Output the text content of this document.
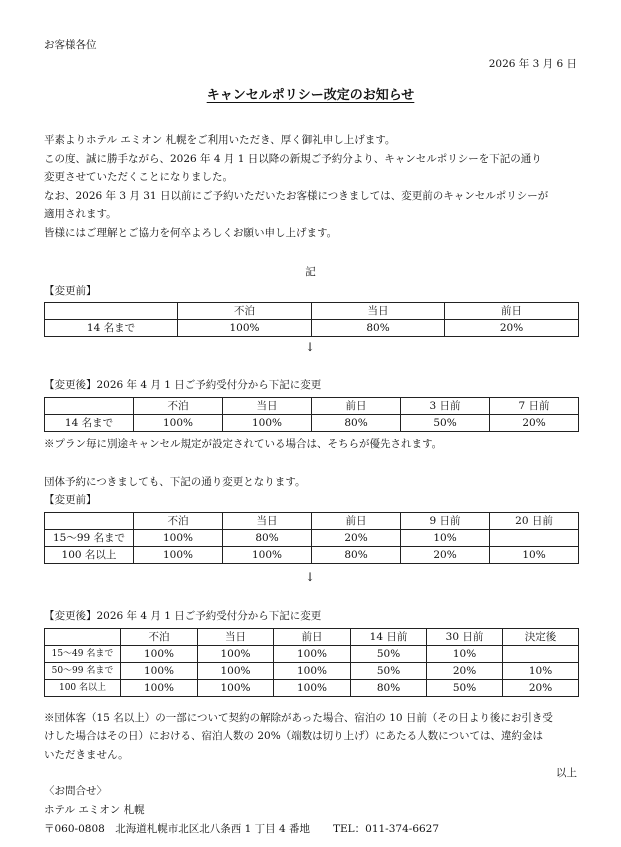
お客様各位
2026 年 3 月 6 日
キャンセルポリシー改定のお知らせ
平素よりホテル エミオン 札幌をご利用いただき、厚く御礼申し上げます。
この度、誠に勝手ながら、2026 年 4 月 1 日以降の新規ご予約分より、キャンセルポリシーを下記の通り
変更させていただくことになりました。
なお、2026 年 3 月 31 日以前にご予約いただいたお客様につきましては、変更前のキャンセルポリシーが
適用されます。
皆様にはご理解とご協力を何卒よろしくお願い申し上げます。
記
【変更前】
	不泊	当日	前日
14 名まで	100%	80%	20%
↓
【変更後】2026 年 4 月 1 日ご予約受付分から下記に変更
	不泊	当日	前日	3 日前	7 日前
14 名まで	100%	100%	80%	50%	20%
※プラン毎に別途キャンセル規定が設定されている場合は、そちらが優先されます。
団体予約につきましても、下記の通り変更となります。
【変更前】
	不泊	当日	前日	9 日前	20 日前
15～99 名まで	100%	80%	20%	10%	
100 名以上	100%	100%	80%	20%	10%
↓
【変更後】2026 年 4 月 1 日ご予約受付分から下記に変更
	不泊	当日	前日	14 日前	30 日前	決定後
15～49 名まで	100%	100%	100%	50%	10%	
50～99 名まで	100%	100%	100%	50%	20%	10%
100 名以上	100%	100%	100%	80%	50%	20%
※団体客（15 名以上）の一部について契約の解除があった場合、宿泊の 10 日前（その日より後にお引き受
けした場合はその日）における、宿泊人数の 20%（端数は切り上げ）にあたる人数については、違約金は
いただきません。
以上
〈お問合せ〉
ホテル エミオン 札幌
〒060-0808　北海道札幌市北区北八条西 1 丁目 4 番地 TEL：011-374-6627
